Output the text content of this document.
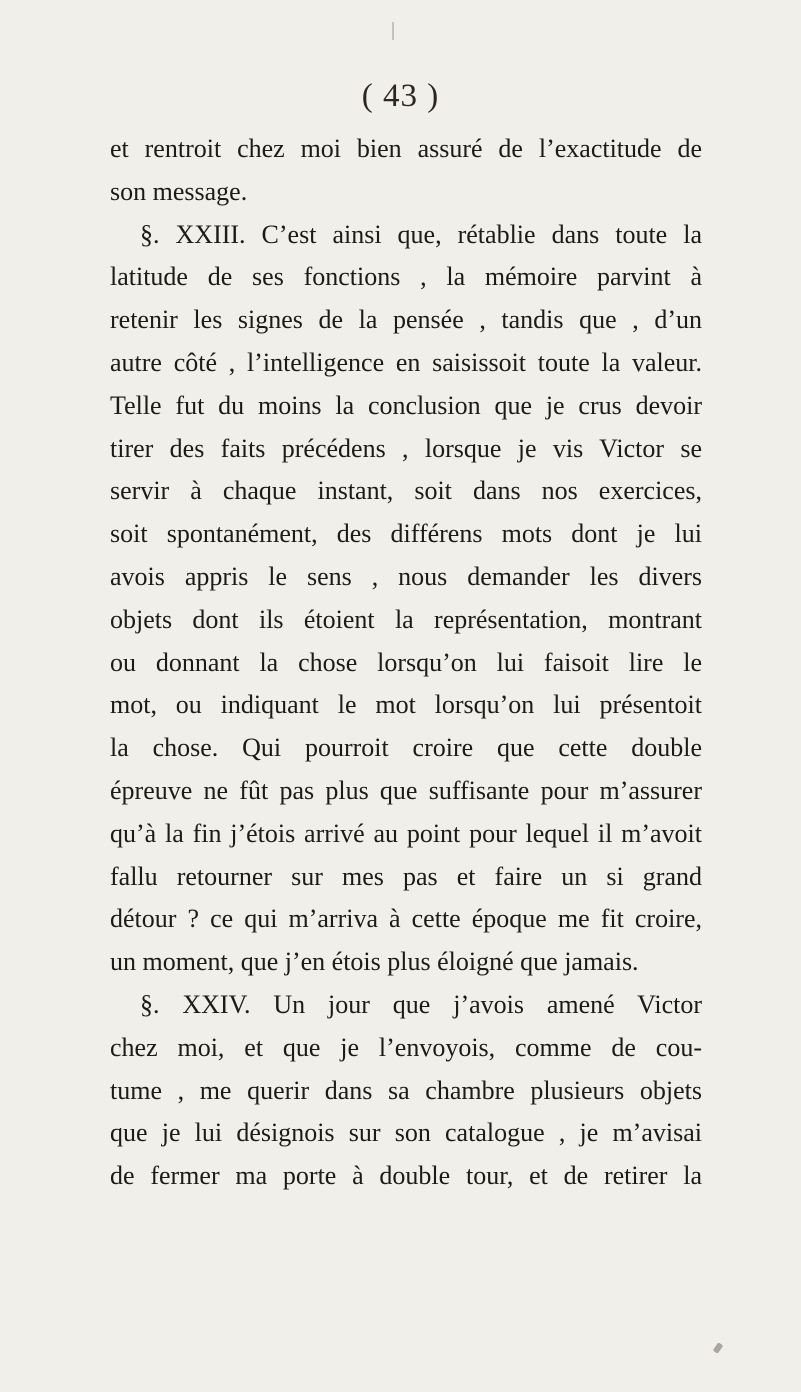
( 43 )
et rentroit chez moi bien assuré de l’exactitude de
son message.
§. XXIII. C’est ainsi que, rétablie dans toute la
latitude de ses fonctions , la mémoire parvint à
retenir les signes de la pensée , tandis que , d’un
autre côté , l’intelligence en saisissoit toute la valeur.
Telle fut du moins la conclusion que je crus devoir
tirer des faits précédens , lorsque je vis Victor se
servir à chaque instant, soit dans nos exercices,
soit spontanément, des différens mots dont je lui
avois appris le sens , nous demander les divers
objets dont ils étoient la représentation, montrant
ou donnant la chose lorsqu’on lui faisoit lire le
mot, ou indiquant le mot lorsqu’on lui présentoit
la chose. Qui pourroit croire que cette double
épreuve ne fût pas plus que suffisante pour m’assurer
qu’à la fin j’étois arrivé au point pour lequel il m’avoit
fallu retourner sur mes pas et faire un si grand
détour ? ce qui m’arriva à cette époque me fit croire,
un moment, que j’en étois plus éloigné que jamais.
§. XXIV. Un jour que j’avois amené Victor
chez moi, et que je l’envoyois, comme de cou-
tume , me querir dans sa chambre plusieurs objets
que je lui désignois sur son catalogue , je m’avisai
de fermer ma porte à double tour, et de retirer la
